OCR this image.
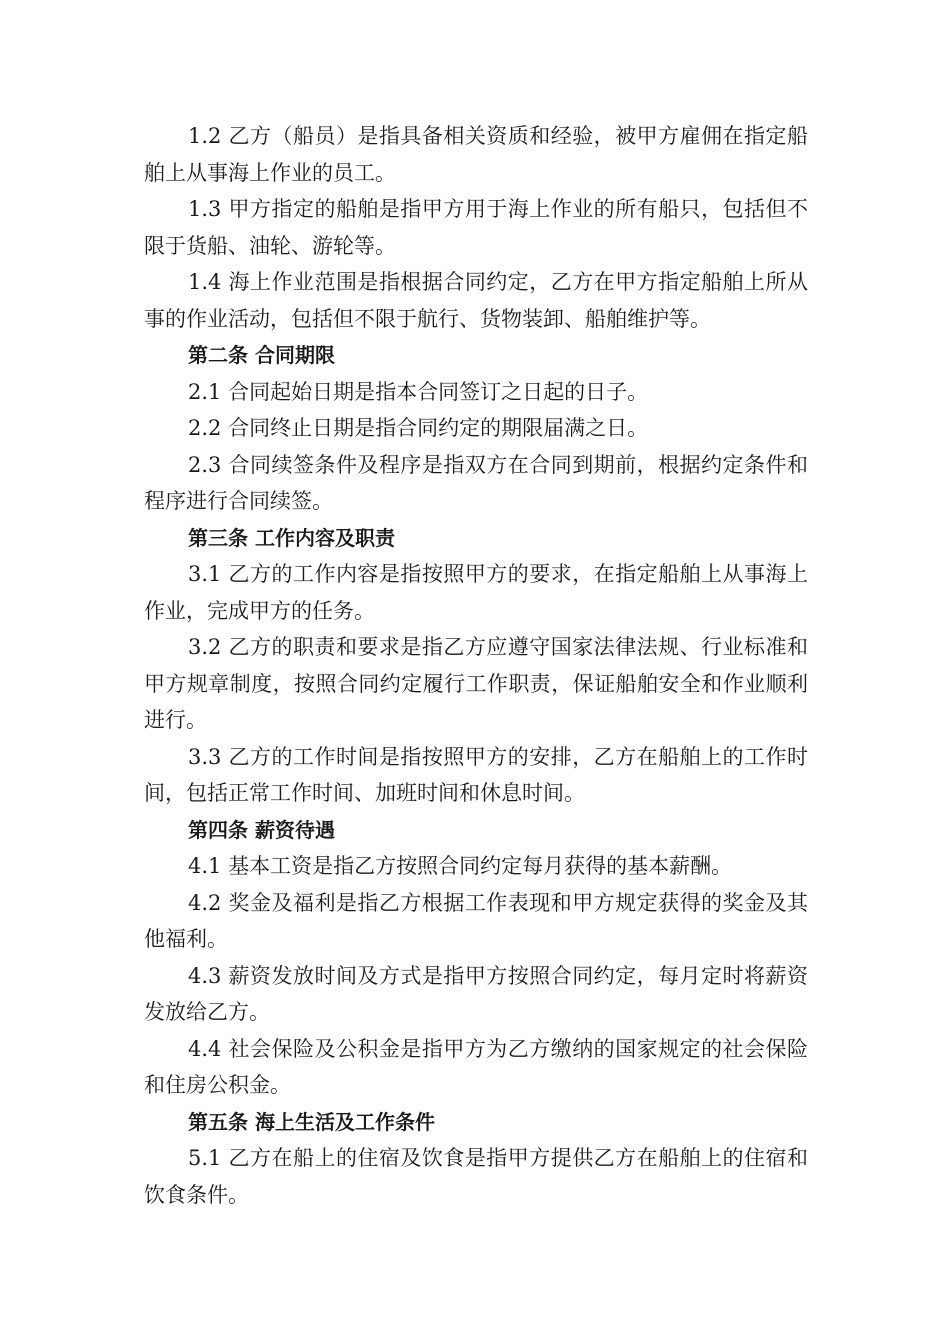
1.2 乙方（船员）是指具备相关资质和经验，被甲方雇佣在指定船舶上从事海上作业的员工。

1.3 甲方指定的船舶是指甲方用于海上作业的所有船只，包括但不限于货船、油轮、游轮等。

1.4 海上作业范围是指根据合同约定，乙方在甲方指定船舶上所从事的作业活动，包括但不限于航行、货物装卸、船舶维护等。

第二条 合同期限

2.1 合同起始日期是指本合同签订之日起的日子。

2.2 合同终止日期是指合同约定的期限届满之日。

2.3 合同续签条件及程序是指双方在合同到期前，根据约定条件和程序进行合同续签。

第三条 工作内容及职责

3.1 乙方的工作内容是指按照甲方的要求，在指定船舶上从事海上作业，完成甲方的任务。

3.2 乙方的职责和要求是指乙方应遵守国家法律法规、行业标准和甲方规章制度，按照合同约定履行工作职责，保证船舶安全和作业顺利进行。

3.3 乙方的工作时间是指按照甲方的安排，乙方在船舶上的工作时间，包括正常工作时间、加班时间和休息时间。

第四条 薪资待遇

4.1 基本工资是指乙方按照合同约定每月获得的基本薪酬。

4.2 奖金及福利是指乙方根据工作表现和甲方规定获得的奖金及其他福利。

4.3 薪资发放时间及方式是指甲方按照合同约定，每月定时将薪资发放给乙方。

4.4 社会保险及公积金是指甲方为乙方缴纳的国家规定的社会保险和住房公积金。

第五条 海上生活及工作条件

5.1 乙方在船上的住宿及饮食是指甲方提供乙方在船舶上的住宿和饮食条件。
